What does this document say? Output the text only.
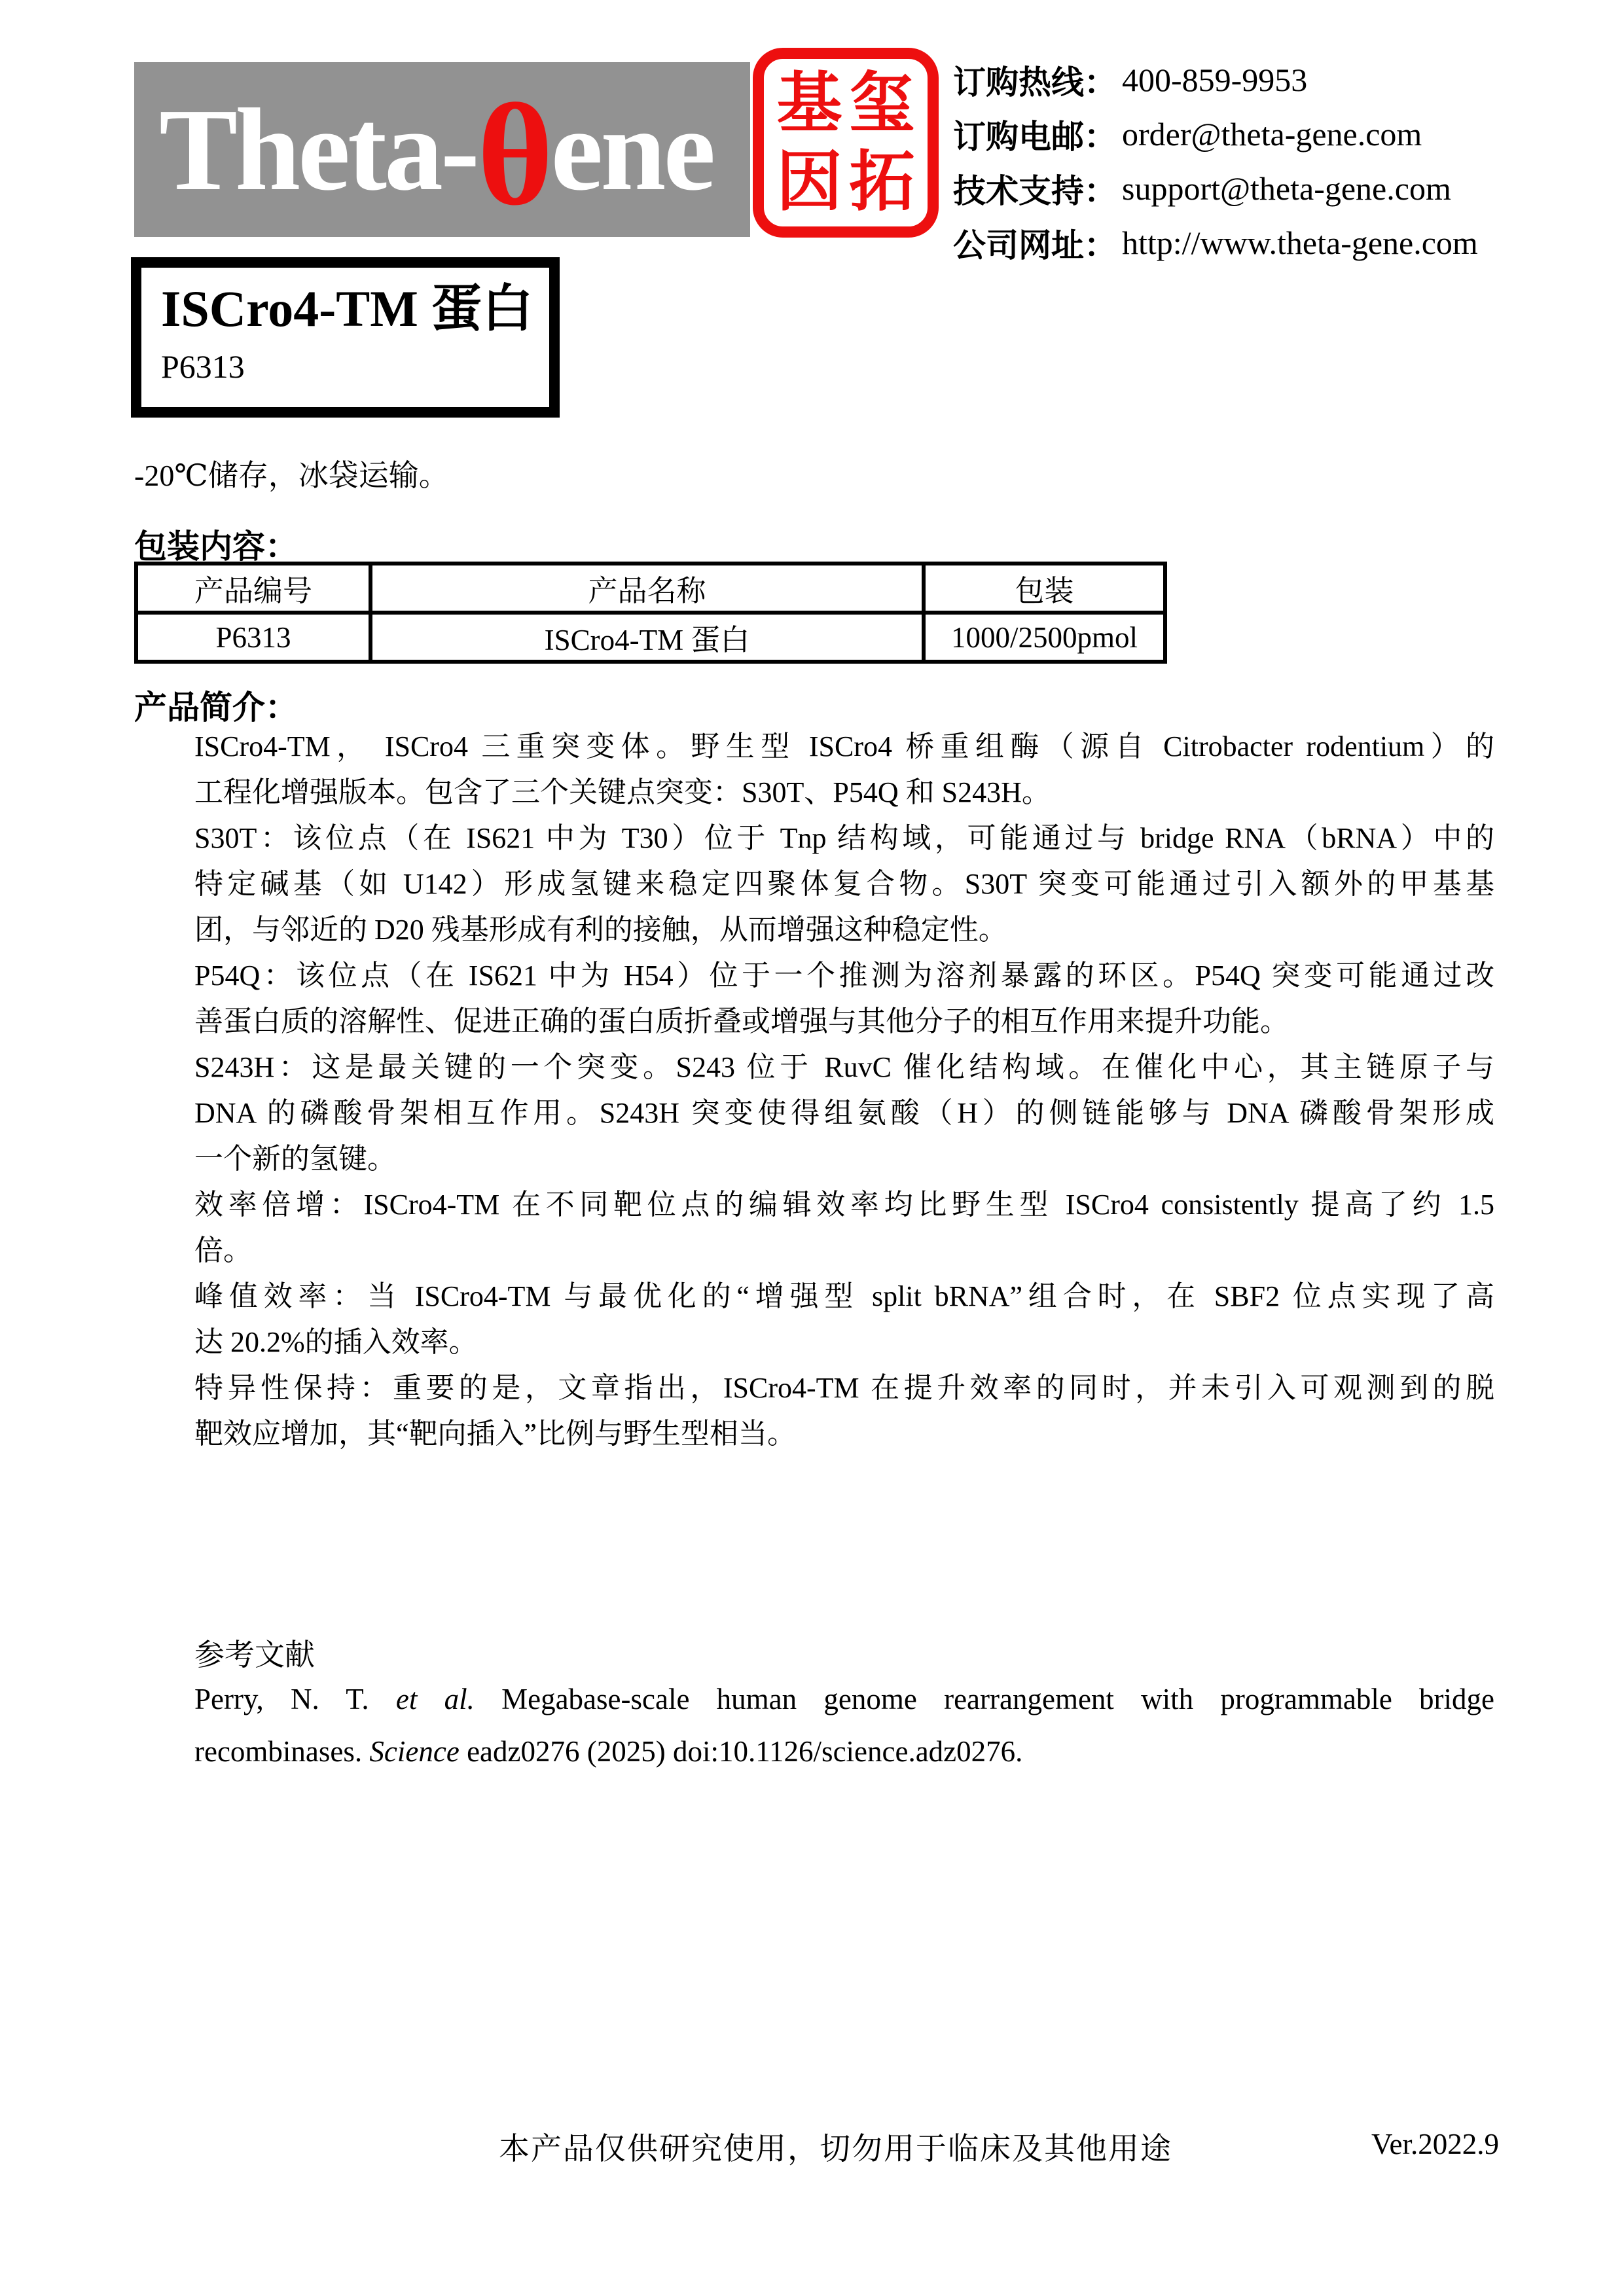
Theta-θene 基 玺
因 拓
订购热线： 400-859-9953
订购电邮： order@theta-gene.com
技术支持： support@theta-gene.com
公司网址： http://www.theta-gene.com
ISCro4-TM 蛋白
P6313
-20℃储存，冰袋运输。
包装内容：
产品编号	产品名称	包装
P6313	ISCro4-TM 蛋白	1000/2500pmol
产品简介：
ISCro4-TM， ISCro4 三重突变体。野生型 ISCro4 桥重组酶（源自 Citrobacter rodentium）的
工程化增强版本。包含了三个关键点突变：S30T、P54Q 和 S243H。
S30T：该位点（在 IS621 中为 T30）位于 Tnp 结构域，可能通过与 bridge RNA（bRNA）中的
特定碱基（如 U142）形成氢键来稳定四聚体复合物。S30T 突变可能通过引入额外的甲基基
团，与邻近的 D20 残基形成有利的接触，从而增强这种稳定性。
P54Q：该位点（在 IS621 中为 H54）位于一个推测为溶剂暴露的环区。P54Q 突变可能通过改
善蛋白质的溶解性、促进正确的蛋白质折叠或增强与其他分子的相互作用来提升功能。
S243H：这是最关键的一个突变。S243 位于 RuvC 催化结构域。在催化中心，其主链原子与
DNA 的磷酸骨架相互作用。S243H 突变使得组氨酸（H）的侧链能够与 DNA 磷酸骨架形成
一个新的氢键。
效率倍增：ISCro4-TM 在不同靶位点的编辑效率均比野生型 ISCro4 consistently 提高了约 1.5
倍。
峰值效率：当 ISCro4-TM 与最优化的“增强型 split bRNA”组合时，在 SBF2 位点实现了高
达 20.2%的插入效率。
特异性保持：重要的是，文章指出，ISCro4-TM 在提升效率的同时，并未引入可观测到的脱
靶效应增加，其“靶向插入”比例与野生型相当。
参考文献
Perry, N. T. et al. Megabase-scale human genome rearrangement with programmable bridge
recombinases. Science eadz0276 (2025) doi:10.1126/science.adz0276.
本产品仅供研究使用，切勿用于临床及其他用途	Ver.2022.9
